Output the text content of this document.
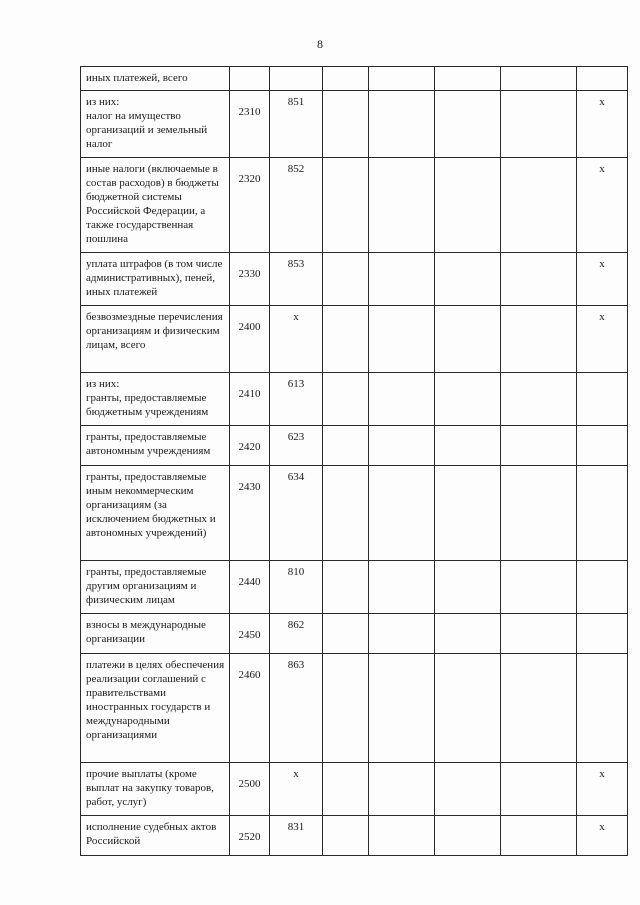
8
иных платежей, всего							
из них:
налог на имущество организаций и земельный налог	2310	851					x
иные налоги (включаемые в состав расходов) в бюджеты бюджетной системы Российской Федерации, а также государственная пошлина	2320	852					x
уплата штрафов (в том числе административных), пеней, иных платежей	2330	853					x
безвозмездные перечисления организациям и физическим лицам, всего	2400	x					x
из них:
гранты, предоставляемые бюджетным учреждениям	2410	613					
гранты, предоставляемые автономным учреждениям	2420	623					
гранты, предоставляемые иным некоммерческим организациям (за исключением бюджетных и автономных учреждений)	2430	634					
гранты, предоставляемые другим организациям и физическим лицам	2440	810					
взносы в международные организации	2450	862					
платежи в целях обеспечения реализации соглашений с правительствами иностранных государств и международными организациями	2460	863					
прочие выплаты (кроме выплат на закупку товаров, работ, услуг)	2500	x					x
исполнение судебных актов Российской	2520	831					x
